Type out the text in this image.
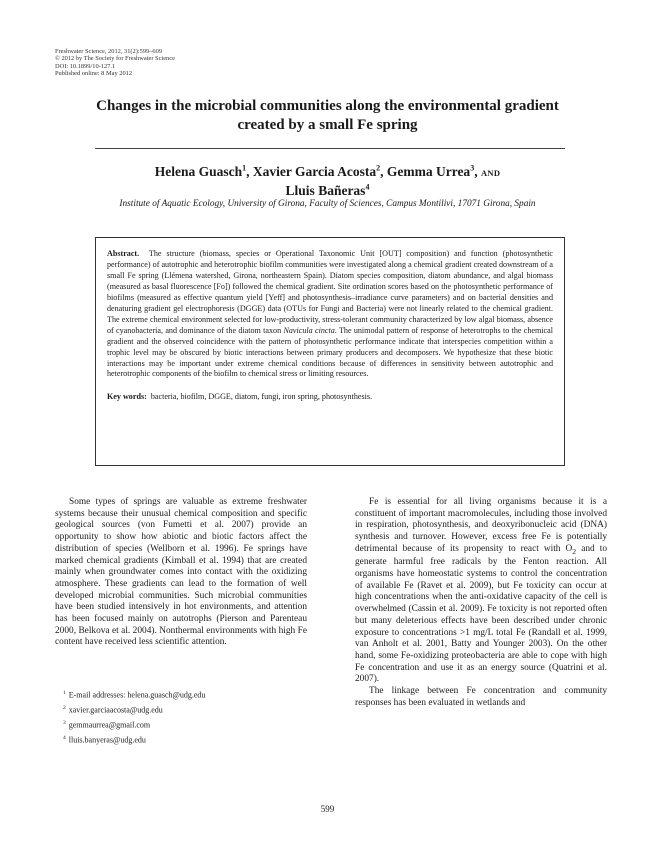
Freshwater Science, 2012, 31(2):599–609
© 2012 by The Society for Freshwater Science
DOI: 10.1899/10-127.1
Published online: 8 May 2012
Changes in the microbial communities along the environmental gradient created by a small Fe spring
Helena Guasch$^1$, Xavier Garcia Acosta$^2$, Gemma Urrea$^3$, AND
Lluis Bañeras$^4$
Institute of Aquatic Ecology, University of Girona, Faculty of Sciences, Campus Montilivi, 17071 Girona, Spain

Abstract. The structure (biomass, species or Operational Taxonomic Unit [OUT] composition) and function (photosynthetic performance) of autotrophic and heterotrophic biofilm communities were investigated along a chemical gradient created downstream of a small Fe spring (Llémena watershed, Girona, northeastern Spain). Diatom species composition, diatom abundance, and algal biomass (measured as basal fluorescence [Fo]) followed the chemical gradient. Site ordination scores based on the photosynthetic performance of biofilms (measured as effective quantum yield [Yeff] and photosynthesis–irradiance curve parameters) and on bacterial densities and denaturing gradient gel electrophoresis (DGGE) data (OTUs for Fungi and Bacteria) were not linearly related to the chemical gradient. The extreme chemical environment selected for low-productivity, stress-tolerant community characterized by low algal biomass, absence of cyanobacteria, and dominance of the diatom taxon Navicula cincta. The unimodal pattern of response of heterotrophs to the chemical gradient and the observed coincidence with the pattern of photosynthetic performance indicate that interspecies competition within a trophic level may be obscured by biotic interactions between primary producers and decomposers. We hypothesize that these biotic interactions may be important under extreme chemical conditions because of differences in sensitivity between autotrophic and heterotrophic components of the biofilm to chemical stress or limiting resources.

Key words: bacteria, biofilm, DGGE, diatom, fungi, iron spring, photosynthesis.

Some types of springs are valuable as extreme freshwater systems because their unusual chemical composition and specific geological sources (von Fumetti et al. 2007) provide an opportunity to show how abiotic and biotic factors affect the distribution of species (Wellborn et al. 1996). Fe springs have marked chemical gradients (Kimball et al. 1994) that are created mainly when groundwater comes into contact with the oxidizing atmosphere. These gradients can lead to the formation of well developed microbial communities. Such microbial communities have been studied intensively in hot environments, and attention has been focused mainly on autotrophs (Pierson and Parenteau 2000, Belkova et al. 2004). Nonthermal environments with high Fe content have received less scientific attention.

Fe is essential for all living organisms because it is a constituent of important macromolecules, including those involved in respiration, photosynthesis, and deoxyribonucleic acid (DNA) synthesis and turnover. However, excess free Fe is potentially detrimental because of its propensity to react with $O_2$ and to generate harmful free radicals by the Fenton reaction. All organisms have homeostatic systems to control the concentration of available Fe (Ravet et al. 2009), but Fe toxicity can occur at high concentrations when the anti-oxidative capacity of the cell is overwhelmed (Cassin et al. 2009). Fe toxicity is not reported often but many deleterious effects have been described under chronic exposure to concentrations >1 mg/L total Fe (Randall et al. 1999, van Anholt et al. 2001, Batty and Younger 2003). On the other hand, some Fe-oxidizing proteobacteria are able to cope with high Fe concentration and use it as an energy source (Quatrini et al. 2007).

The linkage between Fe concentration and community responses has been evaluated in wetlands and

$^1$ E-mail addresses: helena.guasch@udg.edu
$^2$ xavier.garciaacosta@udg.edu
$^3$ gemmaurrea@gmail.com
$^4$ lluis.banyeras@udg.edu
599
